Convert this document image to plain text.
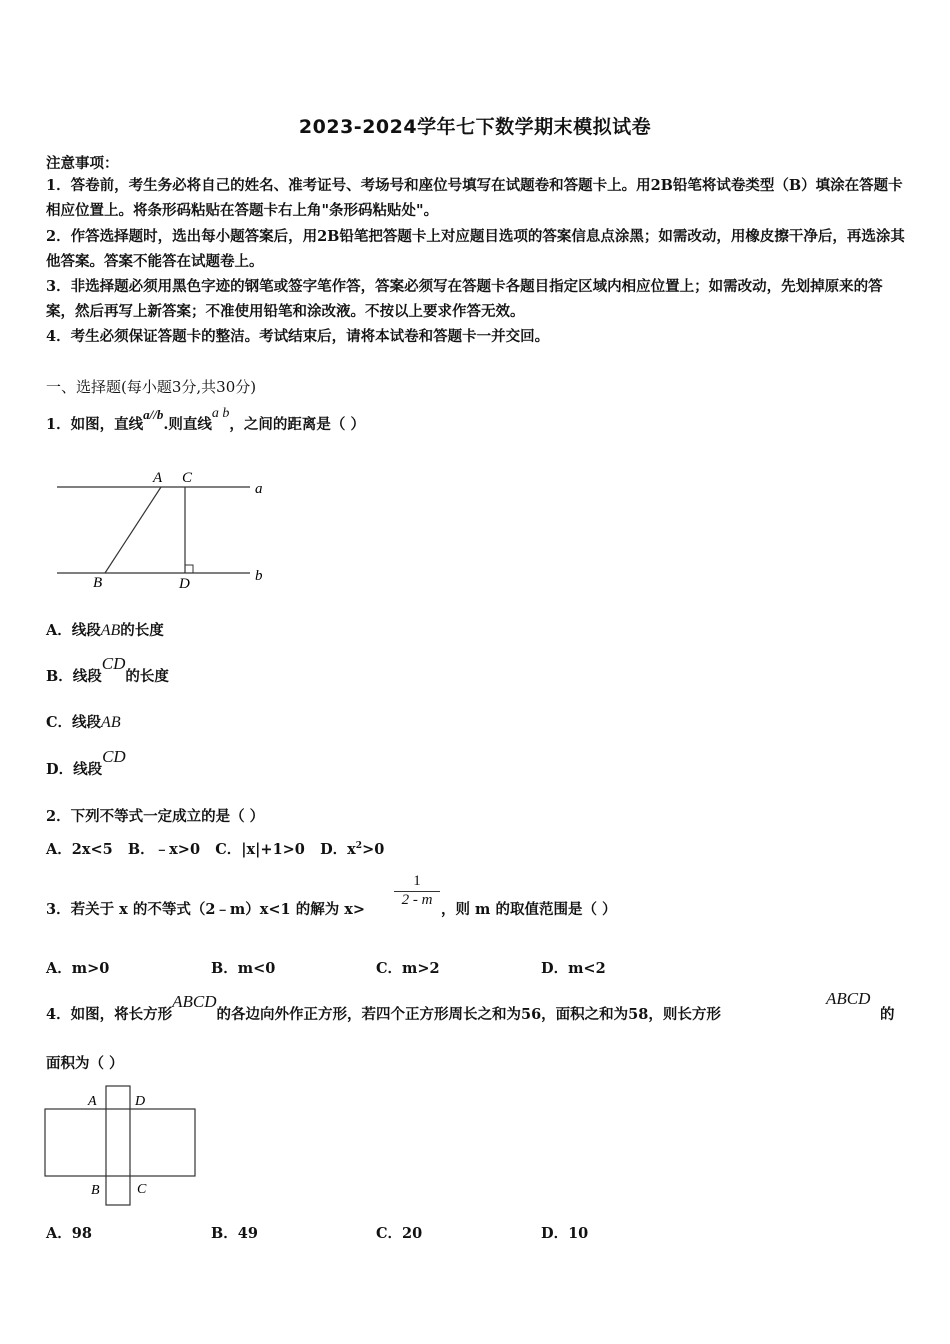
2023-2024学年七下数学期末模拟试卷
注意事项：
1．答卷前，考生务必将自己的姓名、准考证号、考场号和座位号填写在试题卷和答题卡上。用2B铅笔将试卷类型（B）填涂在答题卡相应位置上。将条形码粘贴在答题卡右上角"条形码粘贴处"。
2．作答选择题时，选出每小题答案后，用2B铅笔把答题卡上对应题目选项的答案信息点涂黑；如需改动，用橡皮擦干净后，再选涂其他答案。答案不能答在试题卷上。
3．非选择题必须用黑色字迹的钢笔或签字笔作答，答案必须写在答题卡各题目指定区域内相应位置上；如需改动，先划掉原来的答案，然后再写上新答案；不准使用铅笔和涂改液。不按以上要求作答无效。
4．考生必须保证答题卡的整洁。考试结束后，请将本试卷和答题卡一并交回。
一、选择题(每小题3分,共30分)
1．如图，直线a//b.则直线a b，之间的距离是（ ）
A C
a
B	D	b
A．线段AB的长度
B．线段CD的长度
C．线段AB
D．线段CD
2．下列不等式一定成立的是（ ）
A．2x<5 B．﹣x>0 C．|x|+1>0 D．$x^2>0$
3．若关于 x 的不等式（2﹣m）x<1 的解为 x>
$\frac{1}{2 - m}$
，则 m 的取值范围是（ ）
A．m>0	B．m<0	C．m>2	D．m<2
4．如图，将长方形ABCD的各边向外作正方形，若四个正方形周长之和为56，面积之和为58，则长方形
ABCD
的
面积为（ ）
A	D
B	C
A．98	B．49	C．20	D．10
